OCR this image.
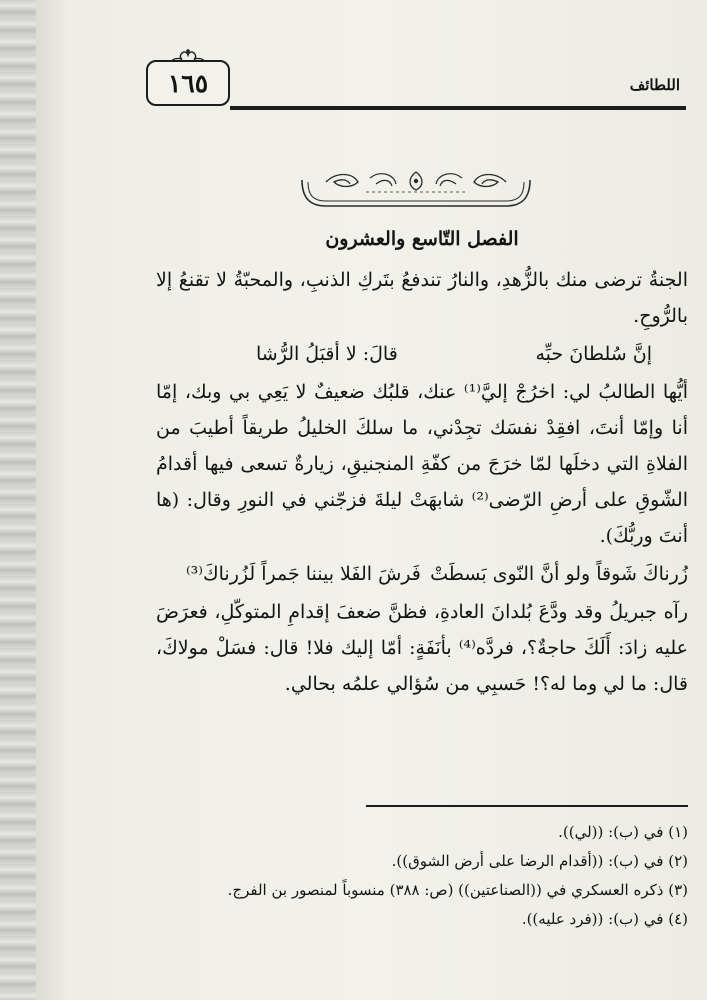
١٦٥	اللطائف
الفصل التّاسع والعشرون

الجنةُ ترضى منك بالزُّهدِ، والنارُ تندفعُ بتَركِ الذنبِ، والمحبّةُ لا تقنعُ إلا بالرُّوحِ.

إنَّ سُلطانَ حبِّه
قالَ: لا أقبَلُ الرُّشا

أيُّها الطالبُ لي: اخرُجْ إليَّ⁽¹⁾ عنك، قلبُك ضعيفٌ لا يَعِي بي وبك، إمّا أنا وإمّا أنتَ، افقِدْ نفسَك تجِدْني، ما سلكَ الخليلُ طريقاً أطيبَ من الفلاةِ التي دخلَها لمّا خرَجَ من كفّةِ المنجنيقِ، زيارةٌ تسعى فيها أقدامُ الشّوقِ على أرضِ الرّضى⁽²⁾ شابهَتْ ليلةَ فزجّني في النورِ وقال: (ها أنتَ وربُّكَ).

زُرناكَ شَوقاً ولو أنَّ النّوى بَسطَتْ
فَرشَ الفَلا بيننا جَمراً لَزُرناكَ⁽³⁾

رآه جبريلُ وقد ودَّعَ بُلدانَ العادةِ، فظنَّ ضعفَ إقدامِ المتوكّلِ، فعرَضَ عليه زادَ: أَلَكَ حاجةٌ؟، فردَّه⁽⁴⁾ بأنَفَةٍ: أمّا إليك فلا! قال: فسَلْ مولاكَ، قال: ما لي وما له؟! حَسبِي من سُؤالي علمُه بحالي.

(١) في (ب): ((لي)).

(٢) في (ب): ((أقدام الرضا على أرض الشوق)).

(٣) ذكره العسكري في ((الصناعتين)) (ص: ٣٨٨) منسوباً لمنصور بن الفرج.

(٤) في (ب): ((فرد عليه)).
